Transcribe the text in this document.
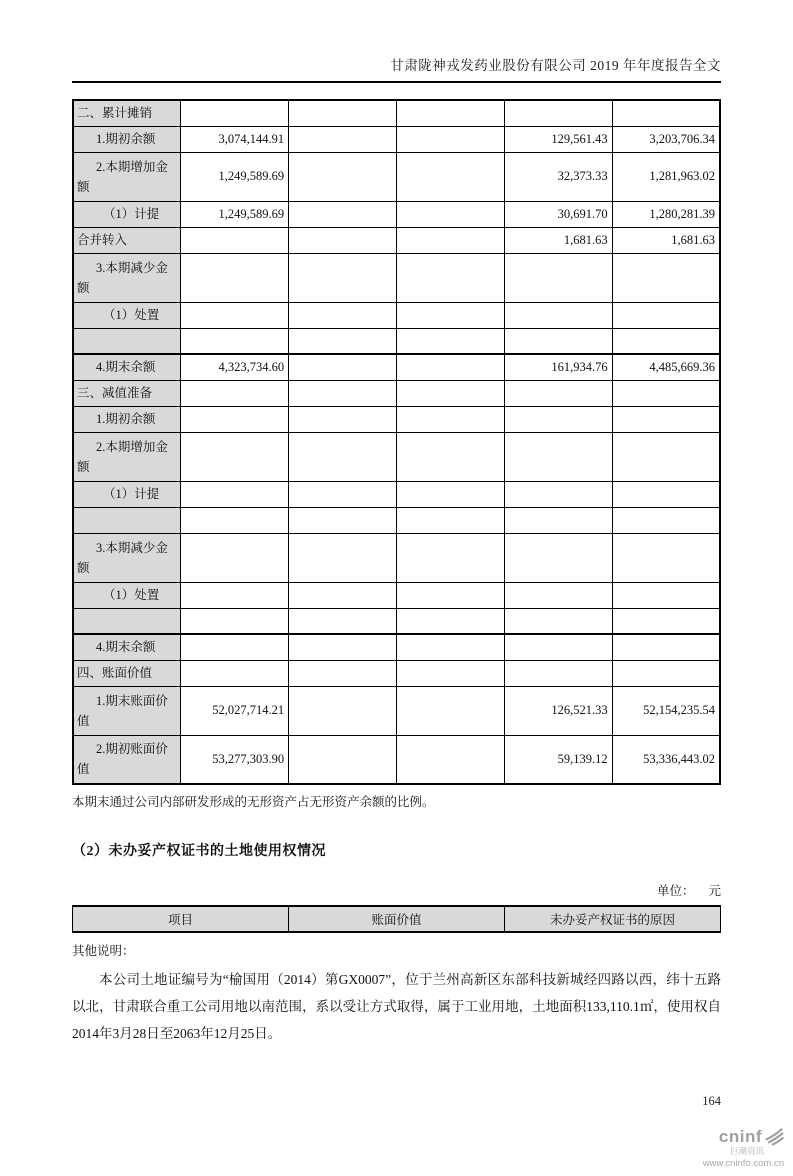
甘肃陇神戎发药业股份有限公司 2019 年年度报告全文
二、累计摊销					
1.期初余额	3,074,144.91			129,561.43	3,203,706.34
2.本期增加金额	1,249,589.69			32,373.33	1,281,963.02
（1）计提	1,249,589.69			30,691.70	1,280,281.39
合并转入				1,681.63	1,681.63
3.本期减少金额					
（1）处置					

4.期末余额	4,323,734.60			161,934.76	4,485,669.36
三、减值准备					
1.期初余额					
2.本期增加金额					
（1）计提					

3.本期减少金额					
（1）处置					

4.期末余额					
四、账面价值					
1.期末账面价值	52,027,714.21			126,521.33	52,154,235.54
2.期初账面价值	53,277,303.90			59,139.12	53,336,443.02
本期末通过公司内部研发形成的无形资产占无形资产余额的比例。
（2）未办妥产权证书的土地使用权情况
单位： 元
项目	账面价值	未办妥产权证书的原因
其他说明：
本公司土地证编号为“榆国用（2014）第GX0007”，位于兰州高新区东部科技新城经四路以西，纬十五路以北，甘肃联合重工公司用地以南范围，系以受让方式取得，属于工业用地，土地面积133,110.1㎡，使用权自2014年3月28日至2063年12月25日。
164
cninf
巨潮资讯
www.cninfo.com.cn
